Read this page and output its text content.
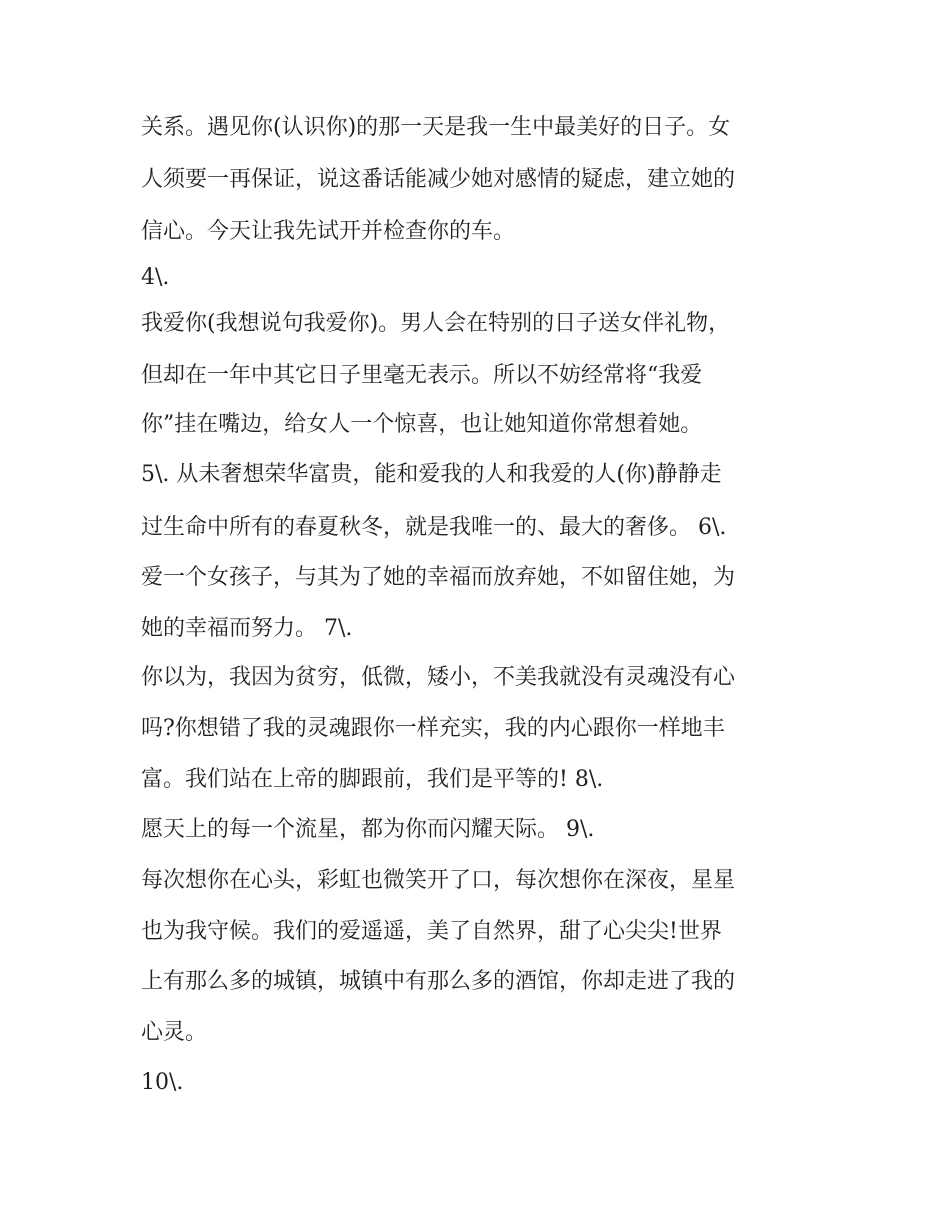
关系。遇见你(认识你)的那一天是我一生中最美好的日子。女
人须要一再保证，说这番话能减少她对感情的疑虑，建立她的
信心。今天让我先试开并检查你的车。
4\.
我爱你(我想说句我爱你)。男人会在特别的日子送女伴礼物，
但却在一年中其它日子里毫无表示。所以不妨经常将“我爱
你”挂在嘴边，给女人一个惊喜，也让她知道你常想着她。
5\. 从未奢想荣华富贵，能和爱我的人和我爱的人(你)静静走
过生命中所有的春夏秋冬，就是我唯一的、最大的奢侈。 6\.
爱一个女孩子，与其为了她的幸福而放弃她，不如留住她，为
她的幸福而努力。 7\.
你以为，我因为贫穷，低微，矮小，不美我就没有灵魂没有心
吗?你想错了我的灵魂跟你一样充实，我的内心跟你一样地丰
富。我们站在上帝的脚跟前，我们是平等的! 8\.
愿天上的每一个流星，都为你而闪耀天际。 9\.
每次想你在心头，彩虹也微笑开了口，每次想你在深夜，星星
也为我守候。我们的爱遥遥，美了自然界，甜了心尖尖!世界
上有那么多的城镇，城镇中有那么多的酒馆，你却走进了我的
心灵。
10\.
